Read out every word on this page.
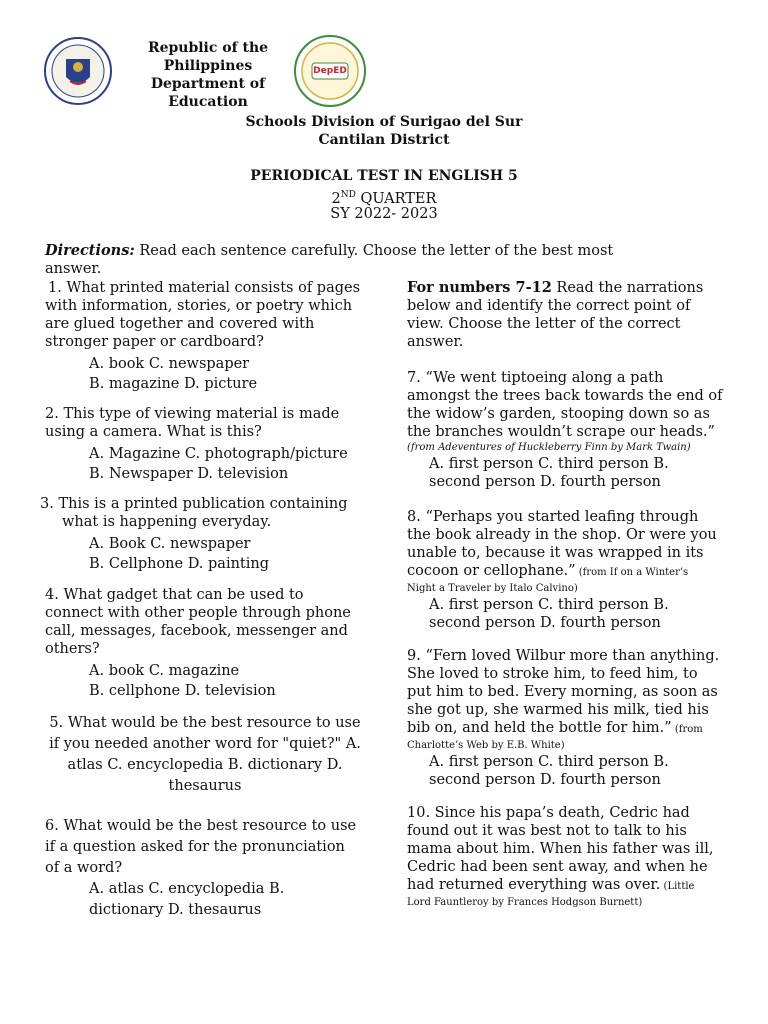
Republic of the
Philippines
Department of
Education
DepED
Schools Division of Surigao del Sur
Cantilan District
PERIODICAL TEST IN ENGLISH 5
2ND QUARTER
SY 2022- 2023
Directions: Read each sentence carefully. Choose the letter of the best most
answer.
1. What printed material consists of pages
with information, stories, or poetry which
are glued together and covered with
stronger paper or cardboard?
A. book C. newspaper
B. magazine D. picture
2. This type of viewing material is made
using a camera. What is this?
A. Magazine C. photograph/picture
B. Newspaper D. television
3. This is a printed publication containing
what is happening everyday.
A. Book C. newspaper
B. Cellphone D. painting
4. What gadget that can be used to
connect with other people through phone
call, messages, facebook, messenger and
others?
A. book C. magazine
B. cellphone D. television
5. What would be the best resource to use
if you needed another word for "quiet?" A.
atlas C. encyclopedia B. dictionary D.
thesaurus
6. What would be the best resource to use
if a question asked for the pronunciation
of a word?
A. atlas C. encyclopedia B.
dictionary D. thesaurus
For numbers 7-12 Read the narrations
below and identify the correct point of
view. Choose the letter of the correct
answer.
7. “We went tiptoeing along a path
amongst the trees back towards the end of
the widow’s garden, stooping down so as
the branches wouldn’t scrape our heads.”
(from Adeventures of Huckleberry Finn by Mark Twain)
A. first person C. third person B.
second person D. fourth person
8. “Perhaps you started leafing through
the book already in the shop. Or were you
unable to, because it was wrapped in its
cocoon or cellophane.” (from If on a Winter’s
Night a Traveler by Italo Calvino)
A. first person C. third person B.
second person D. fourth person
9. “Fern loved Wilbur more than anything.
She loved to stroke him, to feed him, to
put him to bed. Every morning, as soon as
she got up, she warmed his milk, tied his
bib on, and held the bottle for him.” (from
Charlotte’s Web by E.B. White)
A. first person C. third person B.
second person D. fourth person
10. Since his papa’s death, Cedric had
found out it was best not to talk to his
mama about him. When his father was ill,
Cedric had been sent away, and when he
had returned everything was over. (Little
Lord Fauntleroy by Frances Hodgson Burnett)
